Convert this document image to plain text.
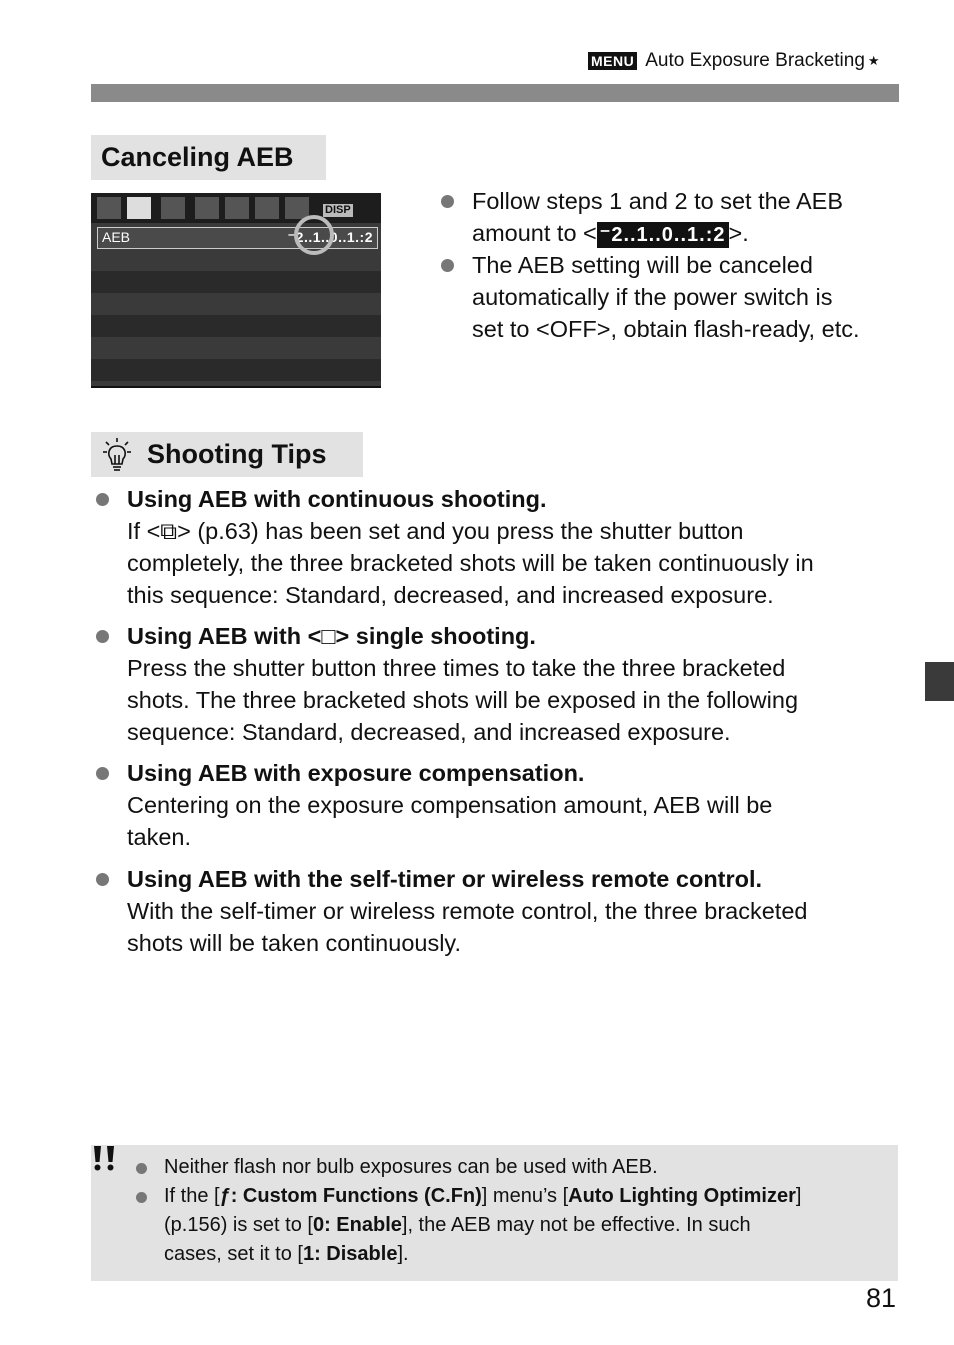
MENU Auto Exposure Bracketing ★
Canceling AEB
DISP
AEB	⁻2..1..0..1.:2
Follow steps 1 and 2 to set the AEB
amount to < ⁻2..1..0..1.:2 >.
The AEB setting will be canceled
automatically if the power switch is
set to <OFF>, obtain flash-ready, etc.
Shooting Tips
Using AEB with continuous shooting.
If <⧉> (p.63) has been set and you press the shutter button
completely, the three bracketed shots will be taken continuously in
this sequence: Standard, decreased, and increased exposure.
Using AEB with <□> single shooting.
Press the shutter button three times to take the three bracketed
shots. The three bracketed shots will be exposed in the following
sequence: Standard, decreased, and increased exposure.
Using AEB with exposure compensation.
Centering on the exposure compensation amount, AEB will be
taken.
Using AEB with the self-timer or wireless remote control.
With the self-timer or wireless remote control, the three bracketed
shots will be taken continuously.
Neither flash nor bulb exposures can be used with AEB.
If the [ƒ: Custom Functions (C.Fn)] menu’s [Auto Lighting Optimizer]
(p.156) is set to [0: Enable], the AEB may not be effective. In such
cases, set it to [1: Disable].
81
